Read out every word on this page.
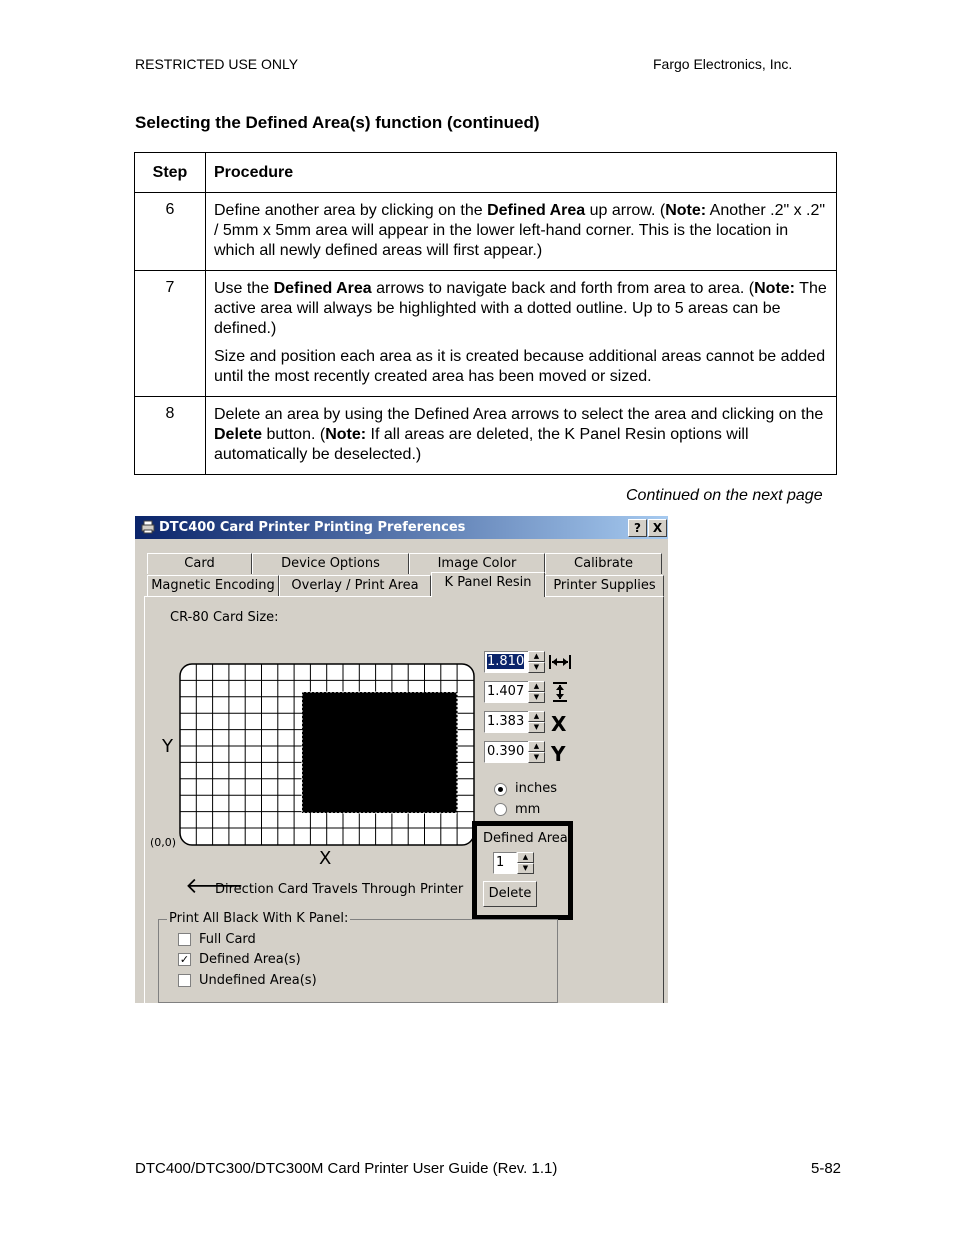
RESTRICTED USE ONLY	Fargo Electronics, Inc.
Selecting the Defined Area(s) function (continued)
Step	Procedure
6	Define another area by clicking on the Defined Area up arrow. (Note: Another .2" x .2" / 5mm x 5mm area will appear in the lower left-hand corner. This is the location in which all newly defined areas will first appear.)

7	Use the Defined Area arrows to navigate back and forth from area to area. (Note: The active area will always be highlighted with a dotted outline. Up to 5 areas can be defined.)

Size and position each area as it is created because additional areas cannot be added until the most recently created area has been moved or sized.

8	Delete an area by using the Defined Area arrows to select the area and clicking on the Delete button. (Note: If all areas are deleted, the K Panel Resin options will automatically be deselected.)

Continued on the next page
DTC400 Card Printer Printing Preferences	? X
Card	Device Options	Image Color	Calibrate
Magnetic Encoding	Overlay / Print Area	K Panel Resin	Printer Supplies
CR-80 Card Size:
Y
X
(0,0)
🡐
Direction Card Travels Through Printer
1.810	▲
▼
1.407	▲
▼
1.383	▲
▼
0.390	▲
▼
X
Y
inches
mm
Defined Area:
1	▲
▼
Delete
Print All Black With K Panel:
Full Card
✓ Defined Area(s)
Undefined Area(s)
DTC400/DTC300/DTC300M Card Printer User Guide (Rev. 1.1)	5-82
